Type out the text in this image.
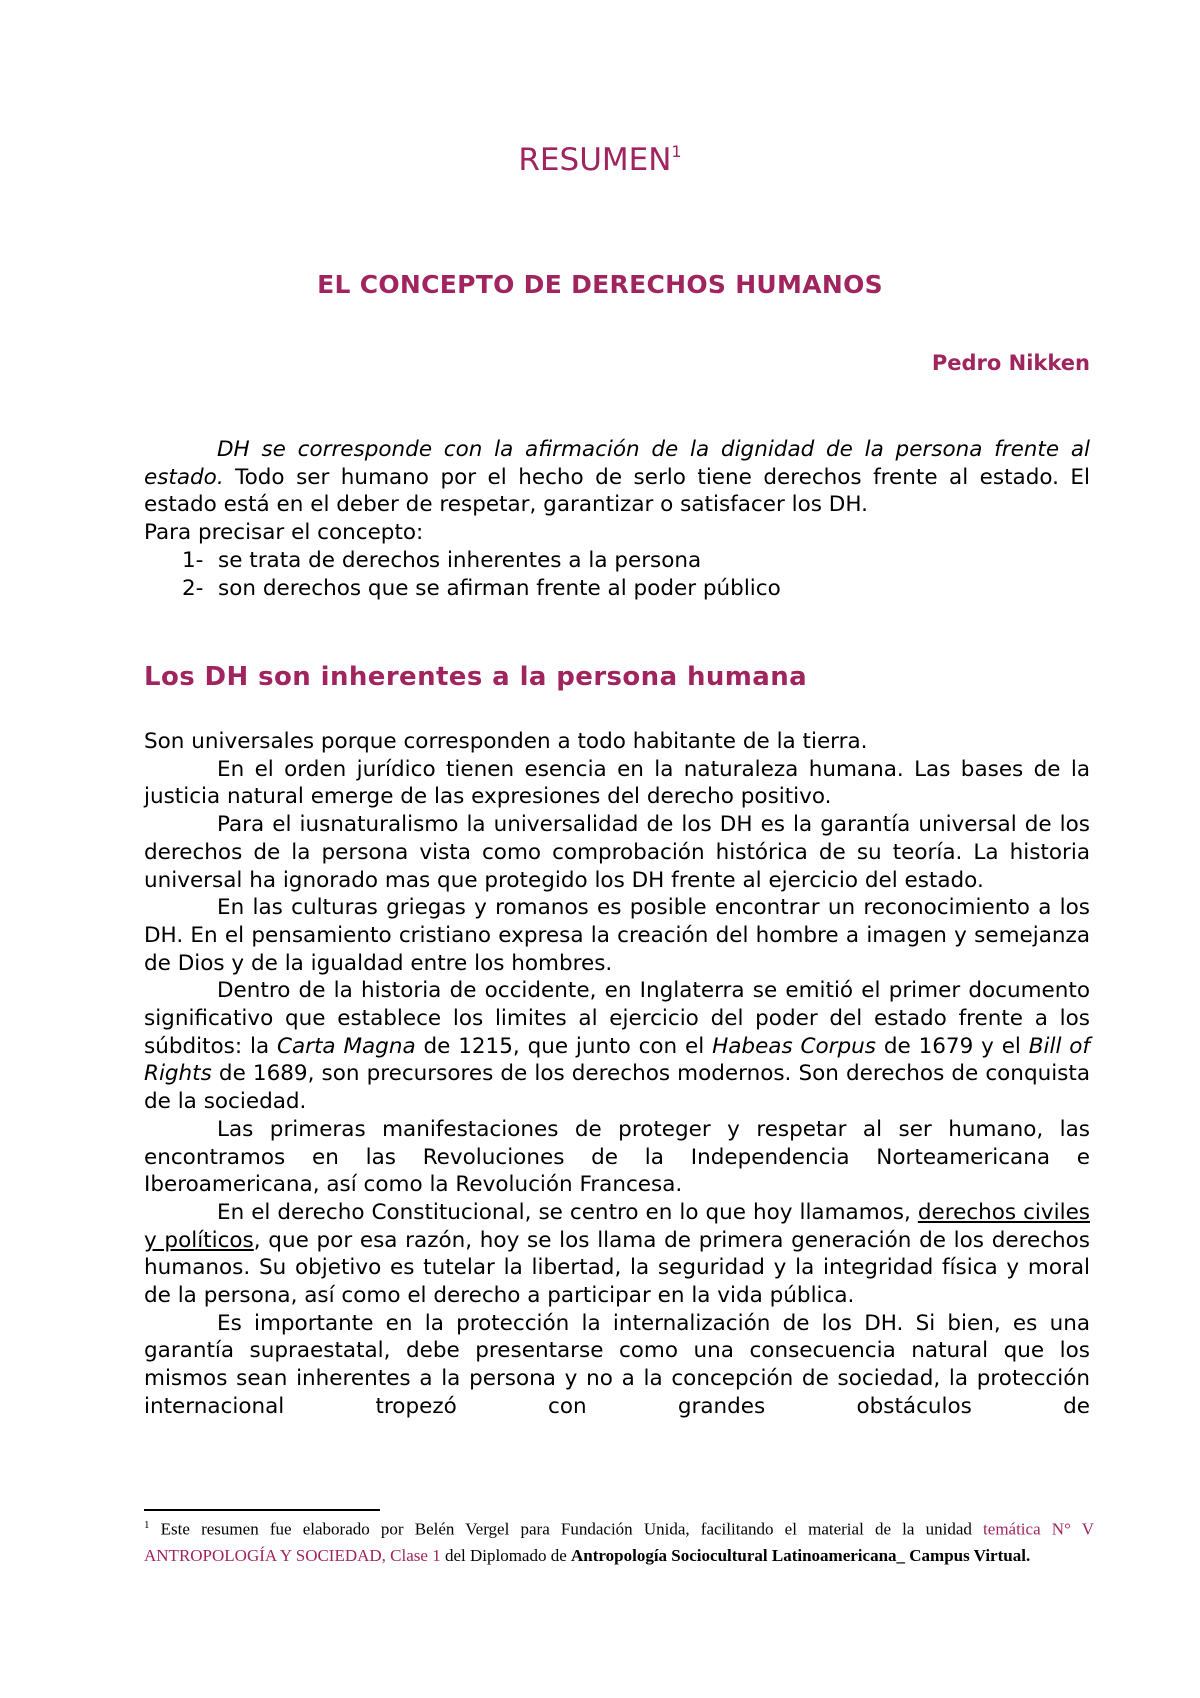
RESUMEN$^1$
EL CONCEPTO DE DERECHOS HUMANOS

Pedro Nikken

DH se corresponde con la afirmación de la dignidad de la persona frente al estado. Todo ser humano por el hecho de serlo tiene derechos frente al estado. El estado está en el deber de respetar, garantizar o satisfacer los DH.

Para precisar el concepto:

1- se trata de derechos inherentes a la persona
2- son derechos que se afirman frente al poder público
Los DH son inherentes a la persona humana

Son universales porque corresponden a todo habitante de la tierra.

En el orden jurídico tienen esencia en la naturaleza humana. Las bases de la justicia natural emerge de las expresiones del derecho positivo.

Para el iusnaturalismo la universalidad de los DH es la garantía universal de los derechos de la persona vista como comprobación histórica de su teoría. La historia universal ha ignorado mas que protegido los DH frente al ejercicio del estado.

En las culturas griegas y romanos es posible encontrar un reconocimiento a los DH. En el pensamiento cristiano expresa la creación del hombre a imagen y semejanza de Dios y de la igualdad entre los hombres.

Dentro de la historia de occidente, en Inglaterra se emitió el primer documento significativo que establece los limites al ejercicio del poder del estado frente a los súbditos: la Carta Magna de 1215, que junto con el Habeas Corpus de 1679 y el Bill of Rights de 1689, son precursores de los derechos modernos. Son derechos de conquista de la sociedad.

Las primeras manifestaciones de proteger y respetar al ser humano, las encontramos en las Revoluciones de la Independencia Norteamericana e Iberoamericana, así como la Revolución Francesa.

En el derecho Constitucional, se centro en lo que hoy llamamos, derechos civiles y políticos, que por esa razón, hoy se los llama de primera generación de los derechos humanos. Su objetivo es tutelar la libertad, la seguridad y la integridad física y moral de la persona, así como el derecho a participar en la vida pública.

Es importante en la protección la internalización de los DH. Si bien, es una garantía supraestatal, debe presentarse como una consecuencia natural que los mismos sean inherentes a la persona y no a la concepción de sociedad, la protección internacional tropezó con grandes obstáculos de

$^1$ Este resumen fue elaborado por Belén Vergel para Fundación Unida, facilitando el material de la unidad temática N° V ANTROPOLOGÍA Y SOCIEDAD, Clase 1 del Diplomado de Antropología Sociocultural Latinoamericana_ Campus Virtual.
